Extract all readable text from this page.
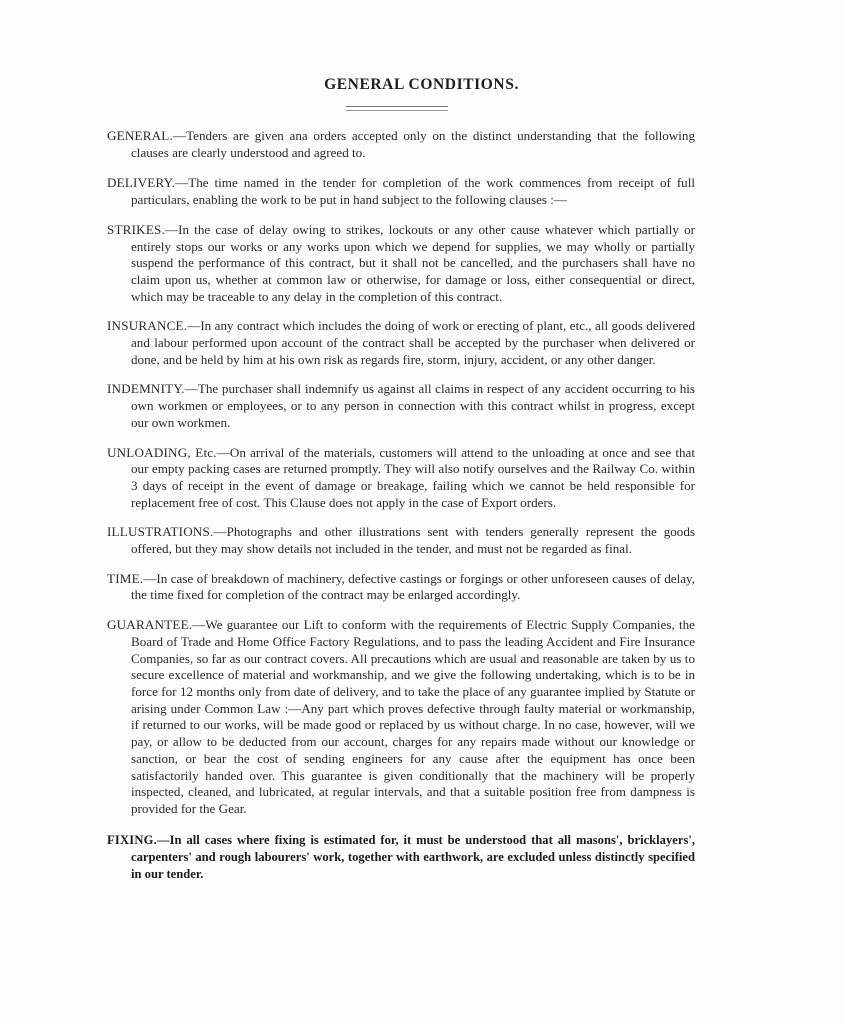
GENERAL CONDITIONS.

GENERAL.—Tenders are given ana orders accepted only on the distinct understanding that the following clauses are clearly understood and agreed to.

DELIVERY.—The time named in the tender for completion of the work commences from receipt of full particulars, enabling the work to be put in hand subject to the following clauses :—

STRIKES.—In the case of delay owing to strikes, lockouts or any other cause whatever which partially or entirely stops our works or any works upon which we depend for supplies, we may wholly or partially suspend the performance of this contract, but it shall not be cancelled, and the purchasers shall have no claim upon us, whether at common law or otherwise, for damage or loss, either consequential or direct, which may be traceable to any delay in the completion of this contract.

INSURANCE.—In any contract which includes the doing of work or erecting of plant, etc., all goods delivered and labour performed upon account of the contract shall be accepted by the purchaser when delivered or done, and be held by him at his own risk as regards fire, storm, injury, accident, or any other danger.

INDEMNITY.—The purchaser shall indemnify us against all claims in respect of any accident occurring to his own workmen or employees, or to any person in connection with this contract whilst in progress, except our own workmen.

UNLOADING, Etc.—On arrival of the materials, customers will attend to the unloading at once and see that our empty packing cases are returned promptly. They will also notify ourselves and the Railway Co. within 3 days of receipt in the event of damage or breakage, failing which we cannot be held responsible for replacement free of cost. This Clause does not apply in the case of Export orders.

ILLUSTRATIONS.—Photographs and other illustrations sent with tenders generally represent the goods offered, but they may show details not included in the tender, and must not be regarded as final.

TIME.—In case of breakdown of machinery, defective castings or forgings or other unforeseen causes of delay, the time fixed for completion of the contract may be enlarged accordingly.

GUARANTEE.—We guarantee our Lift to conform with the requirements of Electric Supply Companies, the Board of Trade and Home Office Factory Regulations, and to pass the leading Accident and Fire Insurance Companies, so far as our contract covers. All precautions which are usual and reasonable are taken by us to secure excellence of material and workmanship, and we give the following undertaking, which is to be in force for 12 months only from date of delivery, and to take the place of any guarantee implied by Statute or arising under Common Law :—Any part which proves defective through faulty material or workmanship, if returned to our works, will be made good or replaced by us without charge. In no case, however, will we pay, or allow to be deducted from our account, charges for any repairs made without our knowledge or sanction, or bear the cost of sending engineers for any cause after the equipment has once been satisfactorily handed over. This guarantee is given conditionally that the machinery will be properly inspected, cleaned, and lubricated, at regular intervals, and that a suitable position free from dampness is provided for the Gear.

FIXING.—In all cases where fixing is estimated for, it must be understood that all masons', bricklayers', carpenters' and rough labourers' work, together with earthwork, are excluded unless distinctly specified in our tender.
